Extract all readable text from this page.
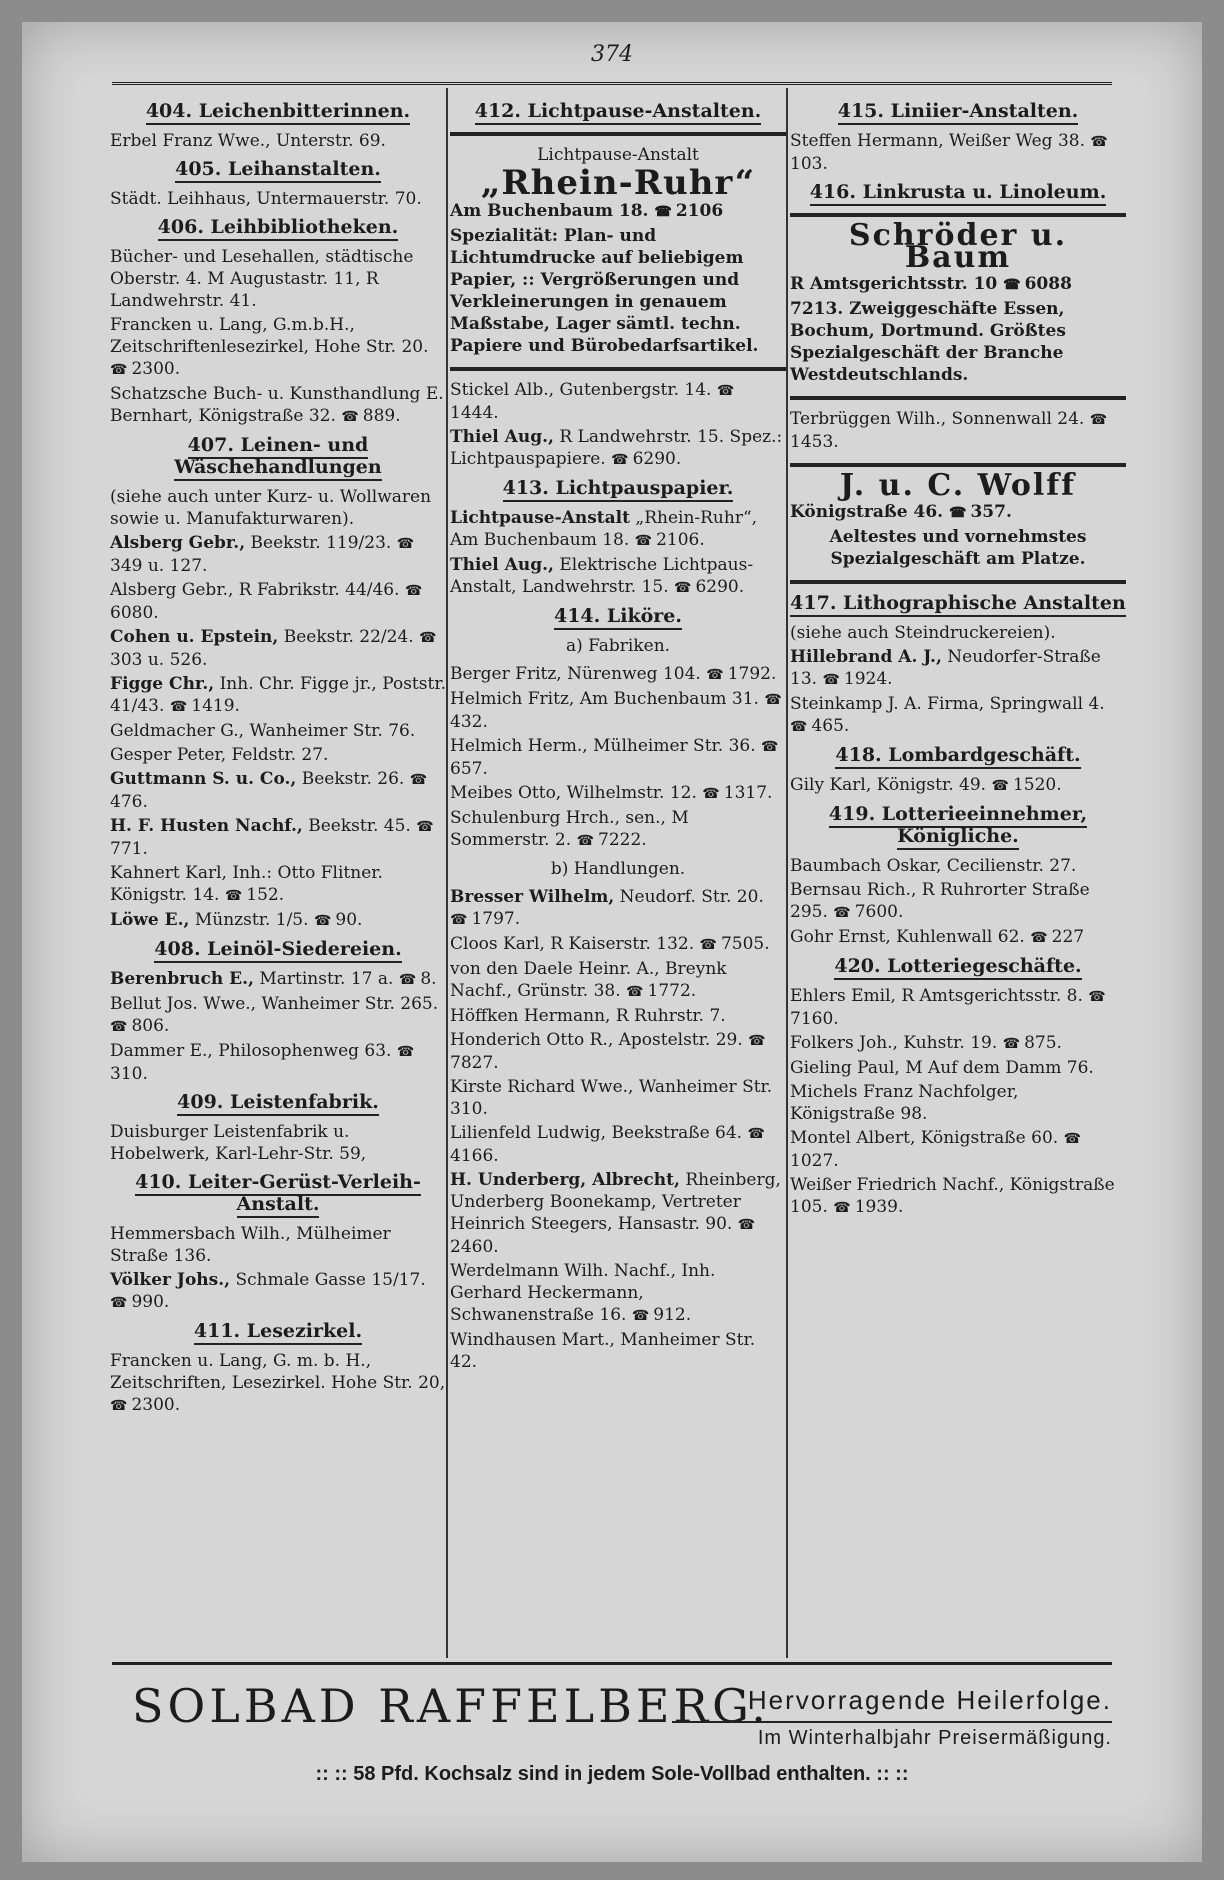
374
404. Leichenbitterinnen.
Erbel Franz Wwe., Unterstr. 69.
405. Leihanstalten.
Städt. Leihhaus, Untermauerstr. 70.
406. Leihbibliotheken.
Bücher- und Lesehallen, städtische Oberstr. 4. M Augustastr. 11, R Landwehrstr. 41.
Francken u. Lang, G.m.b.H., Zeitschriftenlesezirkel, Hohe Str. 20. ☎ 2300.
Schatzsche Buch- u. Kunsthandlung E. Bernhart, Königstraße 32. ☎ 889.
407. Leinen- und Wäschehandlungen
(siehe auch unter Kurz- u. Wollwaren sowie u. Manufakturwaren).
Alsberg Gebr., Beekstr. 119/23. ☎349 u. 127.
Alsberg Gebr., R Fabrikstr. 44/46. ☎6080.
Cohen u. Epstein, Beekstr. 22/24. ☎303 u. 526.
Figge Chr., Inh. Chr. Figge jr., Poststr. 41/43. ☎ 1419.
Geldmacher G., Wanheimer Str. 76.
Gesper Peter, Feldstr. 27.
Guttmann S. u. Co., Beekstr. 26. ☎476.
H. F. Husten Nachf., Beekstr. 45. ☎771.
Kahnert Karl, Inh.: Otto Flitner. Königstr. 14. ☎ 152.
Löwe E., Münzstr. 1/5. ☎ 90.
408. Leinöl-Siedereien.
Berenbruch E., Martinstr. 17 a. ☎ 8.
Bellut Jos. Wwe., Wanheimer Str. 265. ☎ 806.
Dammer E., Philosophenweg 63. ☎310.
409. Leistenfabrik.
Duisburger Leistenfabrik u. Hobelwerk, Karl-Lehr-Str. 59,
410. Leiter-Gerüst-Verleih-Anstalt.
Hemmersbach Wilh., Mülheimer Straße 136.
Völker Johs., Schmale Gasse 15/17. ☎ 990.
411. Lesezirkel.
Francken u. Lang, G. m. b. H., Zeitschriften, Lesezirkel. Hohe Str. 20, ☎ 2300.
412. Lichtpause-Anstalten.
Lichtpause-Anstalt
„Rhein-Ruhr“
Am Buchenbaum 18. ☎ 2106
Spezialität: Plan- und Lichtumdrucke auf beliebigem Papier, :: Vergrößerungen und Verkleinerungen in genauem Maßstabe, Lager sämtl. techn. Papiere und Bürobedarfsartikel.
Stickel Alb., Gutenbergstr. 14. ☎1444.
Thiel Aug., R Landwehrstr. 15. Spez.: Lichtpauspapiere. ☎ 6290.
413. Lichtpauspapier.
Lichtpause-Anstalt „Rhein-Ruhr“, Am Buchenbaum 18. ☎ 2106.
Thiel Aug., Elektrische Lichtpaus-Anstalt, Landwehrstr. 15. ☎ 6290.
414. Liköre.
a) Fabriken.
Berger Fritz, Nürenweg 104. ☎ 1792.
Helmich Fritz, Am Buchenbaum 31. ☎432.
Helmich Herm., Mülheimer Str. 36. ☎657.
Meibes Otto, Wilhelmstr. 12. ☎ 1317.
Schulenburg Hrch., sen., M Sommerstr. 2. ☎ 7222.
b) Handlungen.
Bresser Wilhelm, Neudorf. Str. 20. ☎ 1797.
Cloos Karl, R Kaiserstr. 132. ☎ 7505.
von den Daele Heinr. A., Breynk Nachf., Grünstr. 38. ☎ 1772.
Höffken Hermann, R Ruhrstr. 7.
Honderich Otto R., Apostelstr. 29. ☎7827.
Kirste Richard Wwe., Wanheimer Str. 310.
Lilienfeld Ludwig, Beekstraße 64. ☎4166.
H. Underberg, Albrecht, Rheinberg, Underberg Boonekamp, Vertreter Heinrich Steegers, Hansastr. 90. ☎2460.
Werdelmann Wilh. Nachf., Inh. Gerhard Heckermann, Schwanenstraße 16. ☎ 912.
Windhausen Mart., Manheimer Str. 42.
415. Liniier-Anstalten.
Steffen Hermann, Weißer Weg 38. ☎103.
416. Linkrusta u. Linoleum.
Schröder u. Baum
R Amtsgerichtsstr. 10 ☎ 6088
7213. Zweiggeschäfte Essen, Bochum, Dortmund. Größtes Spezialgeschäft der Branche Westdeutschlands.
Terbrüggen Wilh., Sonnenwall 24. ☎1453.
J. u. C. Wolff
Königstraße 46. ☎ 357.
Aeltestes und vornehmstes Spezialgeschäft am Platze.
417. Lithographische Anstalten
(siehe auch Steindruckereien).
Hillebrand A. J., Neudorfer-Straße 13. ☎ 1924.
Steinkamp J. A. Firma, Springwall 4. ☎ 465.
418. Lombardgeschäft.
Gily Karl, Königstr. 49. ☎ 1520.
419. Lotterieeinnehmer, Königliche.
Baumbach Oskar, Cecilienstr. 27.
Bernsau Rich., R Ruhrorter Straße 295. ☎ 7600.
Gohr Ernst, Kuhlenwall 62. ☎ 227
420. Lotteriegeschäfte.
Ehlers Emil, R Amtsgerichtsstr. 8. ☎7160.
Folkers Joh., Kuhstr. 19. ☎ 875.
Gieling Paul, M Auf dem Damm 76.
Michels Franz Nachfolger, Königstraße 98.
Montel Albert, Königstraße 60. ☎1027.
Weißer Friedrich Nachf., Königstraße 105. ☎ 1939.
SOLBAD RAFFELBERG.
Hervorragende Heilerfolge.
Im Winterhalbjahr Preisermäßigung.
:: :: 58 Pfd. Kochsalz sind in jedem Sole-Vollbad enthalten. :: ::
